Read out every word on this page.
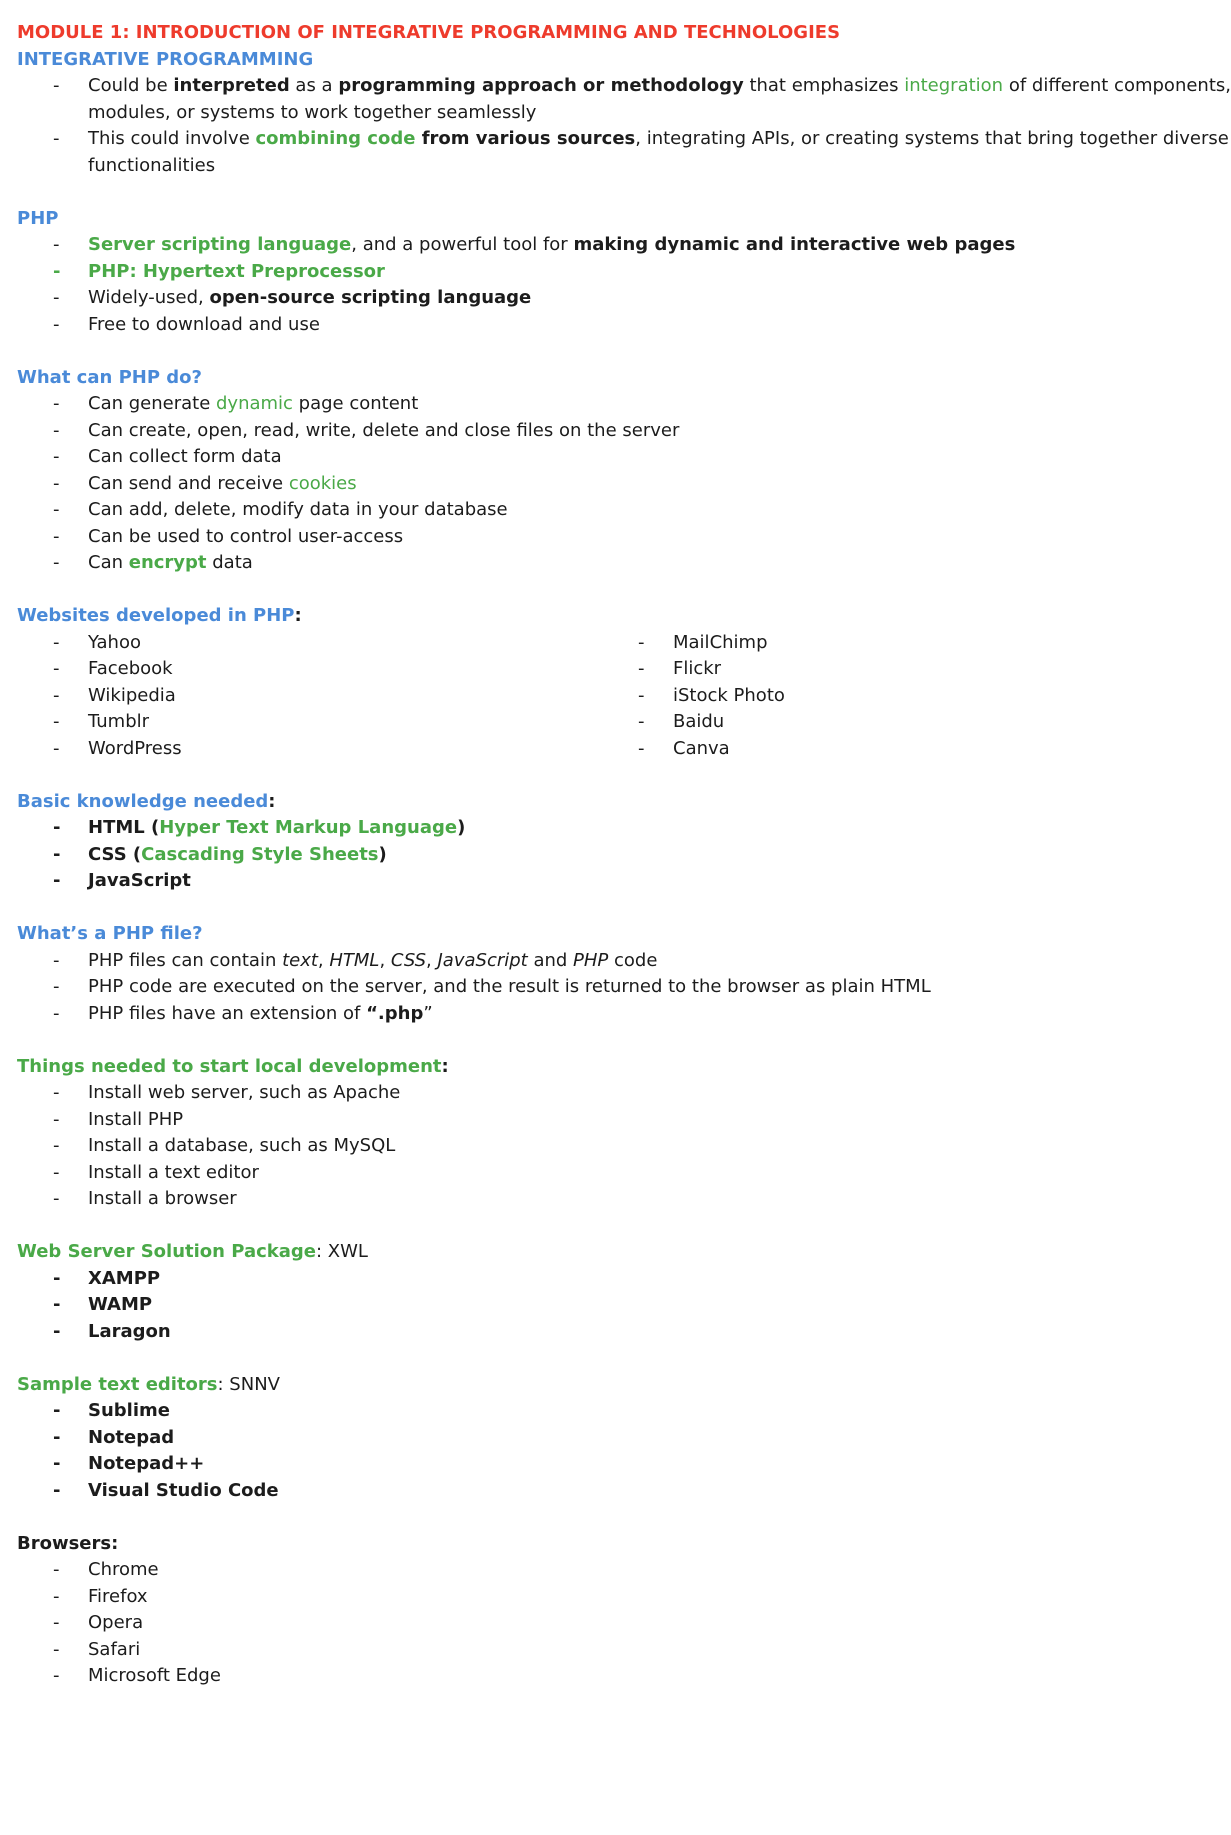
MODULE 1: INTRODUCTION OF INTEGRATIVE PROGRAMMING AND TECHNOLOGIES
INTEGRATIVE PROGRAMMING
- Could be interpreted as a programming approach or methodology that emphasizes integration of different components,
modules, or systems to work together seamlessly
- This could involve combining code from various sources, integrating APIs, or creating systems that bring together diverse
functionalities
PHP
- Server scripting language, and a powerful tool for making dynamic and interactive web pages
- PHP: Hypertext Preprocessor
- Widely-used, open-source scripting language
- Free to download and use
What can PHP do?
- Can generate dynamic page content
- Can create, open, read, write, delete and close files on the server
- Can collect form data
- Can send and receive cookies
- Can add, delete, modify data in your database
- Can be used to control user-access
- Can encrypt data
Websites developed in PHP:
- Yahoo
- Facebook
- Wikipedia
- Tumblr
- WordPress
- MailChimp
- Flickr
- iStock Photo
- Baidu
- Canva
Basic knowledge needed:
- HTML (Hyper Text Markup Language)
- CSS (Cascading Style Sheets)
- JavaScript
What’s a PHP file?
- PHP files can contain text, HTML, CSS, JavaScript and PHP code
- PHP code are executed on the server, and the result is returned to the browser as plain HTML
- PHP files have an extension of “.php”
Things needed to start local development:
- Install web server, such as Apache
- Install PHP
- Install a database, such as MySQL
- Install a text editor
- Install a browser
Web Server Solution Package: XWL
- XAMPP
- WAMP
- Laragon
Sample text editors: SNNV
- Sublime
- Notepad
- Notepad++
- Visual Studio Code
Browsers:
- Chrome
- Firefox
- Opera
- Safari
- Microsoft Edge
